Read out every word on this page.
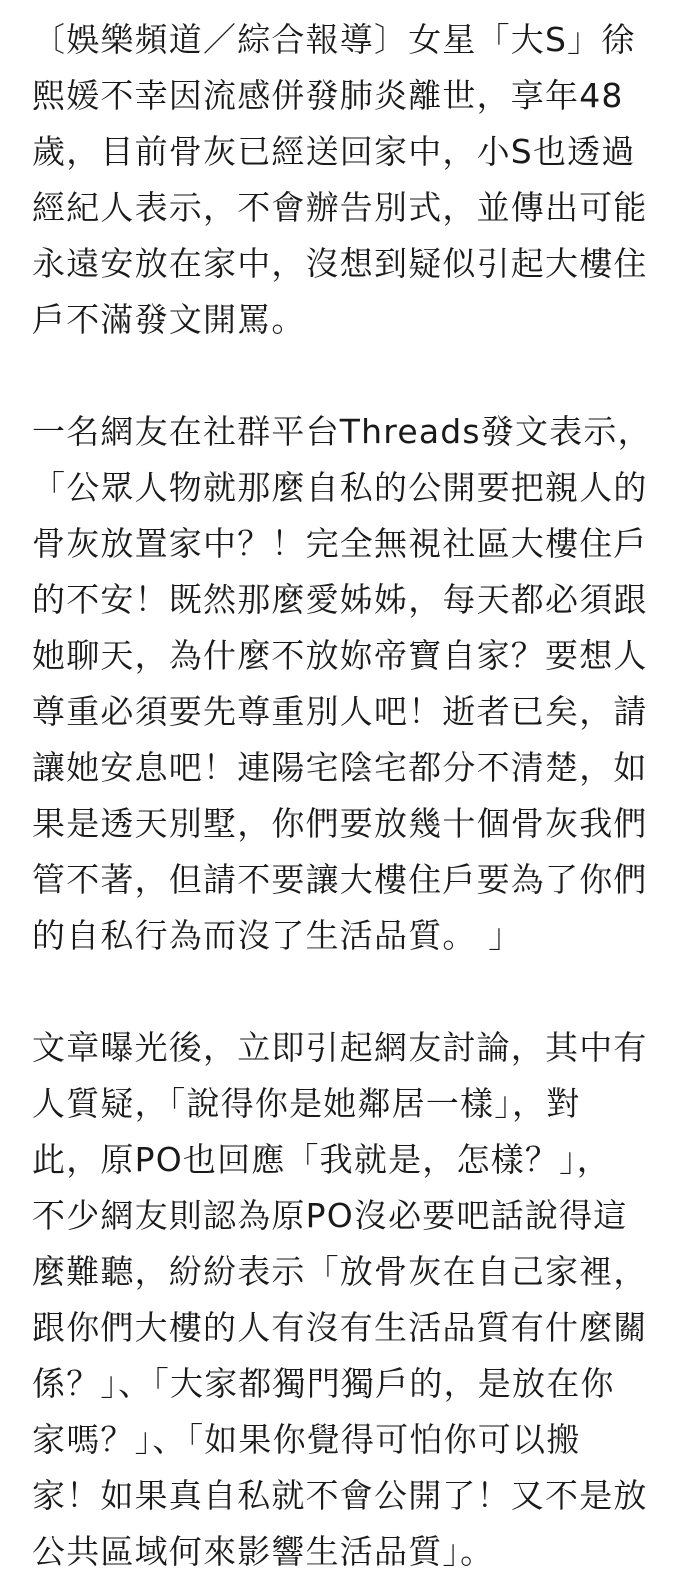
〔娛樂頻道／綜合報導〕女星「大S」徐
熙媛不幸因流感併發肺炎離世，享年48
歲，目前骨灰已經送回家中，小S也透過
經紀人表示，不會辦告別式，並傳出可能
永遠安放在家中，沒想到疑似引起大樓住
戶不滿發文開罵。
一名網友在社群平台Threads發文表示，
「公眾人物就那麼自私的公開要把親人的
骨灰放置家中？！完全無視社區大樓住戶
的不安！既然那麼愛姊姊，每天都必須跟
她聊天，為什麼不放妳帝寶自家？要想人
尊重必須要先尊重別人吧！逝者已矣，請
讓她安息吧！連陽宅陰宅都分不清楚，如
果是透天別墅，你們要放幾十個骨灰我們
管不著，但請不要讓大樓住戶要為了你們
的自私行為而沒了生活品質。 」
文章曝光後，立即引起網友討論，其中有
人質疑，「說得你是她鄰居一樣」，對
此，原PO也回應「我就是，怎樣？」，
不少網友則認為原PO沒必要吧話說得這
麼難聽，紛紛表示「放骨灰在自己家裡，
跟你們大樓的人有沒有生活品質有什麼關
係？」、「大家都獨門獨戶的，是放在你
家嗎？」、「如果你覺得可怕你可以搬
家！如果真自私就不會公開了！又不是放
公共區域何來影響生活品質」。
